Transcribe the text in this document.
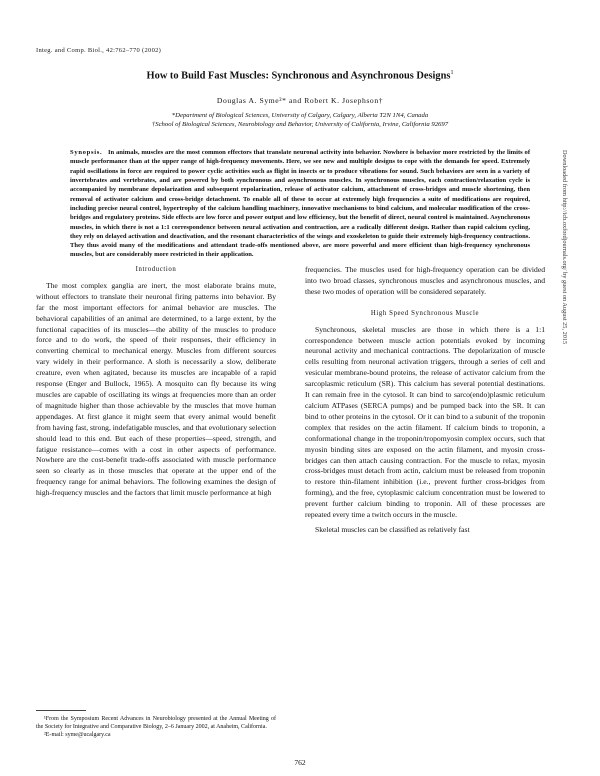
Integ. and Comp. Biol., 42:762–770 (2002)
How to Build Fast Muscles: Synchronous and Asynchronous Designs$^1$
Douglas A. Syme²* and Robert K. Josephson†
*Department of Biological Sciences, University of Calgary, Calgary, Alberta T2N 1N4, Canada
†School of Biological Sciences, Neurobiology and Behavior, University of California, Irvine, California 92697
Synopsis. In animals, muscles are the most common effectors that translate neuronal activity into behavior. Nowhere is behavior more restricted by the limits of muscle performance than at the upper range of high-frequency movements. Here, we see new and multiple designs to cope with the demands for speed. Extremely rapid oscillations in force are required to power cyclic activities such as flight in insects or to produce vibrations for sound. Such behaviors are seen in a variety of invertebrates and vertebrates, and are powered by both synchronous and asynchronous muscles. In synchronous muscles, each contraction/relaxation cycle is accompanied by membrane depolarization and subsequent repolarization, release of activator calcium, attachment of cross-bridges and muscle shortening, then removal of activator calcium and cross-bridge detachment. To enable all of these to occur at extremely high frequencies a suite of modifications are required, including precise neural control, hypertrophy of the calcium handling machinery, innovative mechanisms to bind calcium, and molecular modification of the cross-bridges and regulatory proteins. Side effects are low force and power output and low efficiency, but the benefit of direct, neural control is maintained. Asynchronous muscles, in which there is not a 1:1 correspondence between neural activation and contraction, are a radically different design. Rather than rapid calcium cycling, they rely on delayed activation and deactivation, and the resonant characteristics of the wings and exoskeleton to guide their extremely high-frequency contractions. They thus avoid many of the modifications and attendant trade-offs mentioned above, are more powerful and more efficient than high-frequency synchronous muscles, but are considerably more restricted in their application.	Downloaded from http://icb.oxfordjournals.org/ by guest on August 25, 2015
Introduction

The most complex ganglia are inert, the most elaborate brains mute, without effectors to translate their neuronal firing patterns into behavior. By far the most important effectors for animal behavior are muscles. The behavioral capabilities of an animal are determined, to a large extent, by the functional capacities of its muscles—the ability of the muscles to produce force and to do work, the speed of their responses, their efficiency in converting chemical to mechanical energy. Muscles from different sources vary widely in their performance. A sloth is necessarily a slow, deliberate creature, even when agitated, because its muscles are incapable of a rapid response (Enger and Bullock, 1965). A mosquito can fly because its wing muscles are capable of oscillating its wings at frequencies more than an order of magnitude higher than those achievable by the muscles that move human appendages. At first glance it might seem that every animal would benefit from having fast, strong, indefatigable muscles, and that evolutionary selection should lead to this end. But each of these properties—speed, strength, and fatigue resistance—comes with a cost in other aspects of performance. Nowhere are the cost-benefit trade-offs associated with muscle performance seen so clearly as in those muscles that operate at the upper end of the frequency range for animal behaviors. The following examines the design of high-frequency muscles and the factors that limit muscle performance at high

frequencies. The muscles used for high-frequency operation can be divided into two broad classes, synchronous muscles and asynchronous muscles, and these two modes of operation will be considered separately.

High Speed Synchronous Muscle

Synchronous, skeletal muscles are those in which there is a 1:1 correspondence between muscle action potentials evoked by incoming neuronal activity and mechanical contractions. The depolarization of muscle cells resulting from neuronal activation triggers, through a series of cell and vesicular membrane-bound proteins, the release of activator calcium from the sarcoplasmic reticulum (SR). This calcium has several potential destinations. It can remain free in the cytosol. It can bind to sarco(endo)plasmic reticulum calcium ATPases (SERCA pumps) and be pumped back into the SR. It can bind to other proteins in the cytosol. Or it can bind to a subunit of the troponin complex that resides on the actin filament. If calcium binds to troponin, a conformational change in the troponin/tropomyosin complex occurs, such that myosin binding sites are exposed on the actin filament, and myosin cross-bridges can then attach causing contraction. For the muscle to relax, myosin cross-bridges must detach from actin, calcium must be released from troponin to restore thin-filament inhibition (i.e., prevent further cross-bridges from forming), and the free, cytoplasmic calcium concentration must be lowered to prevent further calcium binding to troponin. All of these processes are repeated every time a twitch occurs in the muscle.

Skeletal muscles can be classified as relatively fast

¹From the Symposium Recent Advances in Neurobiology presented at the Annual Meeting of the Society for Integrative and Comparative Biology, 2–6 January 2002, at Anaheim, California.

²E-mail: syme@ucalgary.ca

762
